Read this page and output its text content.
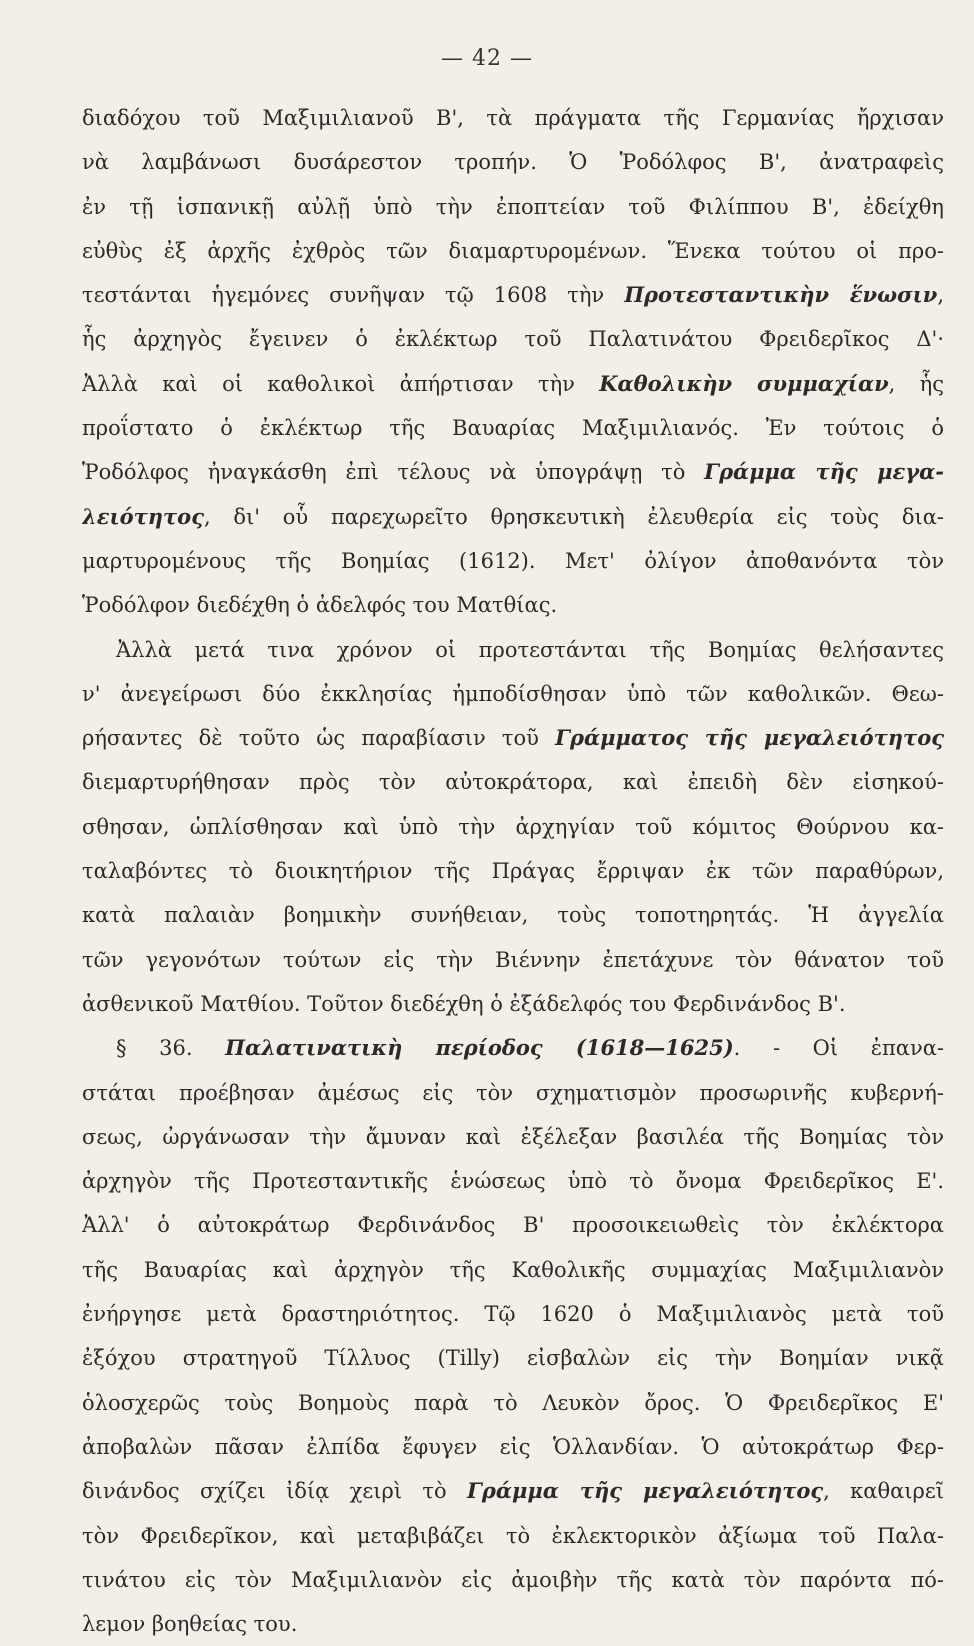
— 42 —
διαδόχου τοῦ Μαξιμιλιανοῦ Β', τὰ πράγματα τῆς Γερμανίας ἤρχισαν
νὰ λαμβάνωσι δυσάρεστον τροπήν. Ὁ Ῥοδόλφος Β', ἀνατραφεὶς
ἐν τῇ ἱσπανικῇ αὐλῇ ὑπὸ τὴν ἐποπτείαν τοῦ Φιλίππου Β', ἐδείχθη
εὐθὺς ἐξ ἀρχῆς ἐχθρὸς τῶν διαμαρτυρομένων. Ἕνεκα τούτου οἱ προ-
τεστάνται ἡγεμόνες συνῆψαν τῷ 1608 τὴν Προτεσταντικὴν ἕνωσιν,
ἧς ἀρχηγὸς ἔγεινεν ὁ ἐκλέκτωρ τοῦ Παλατινάτου Φρειδερῖκος Δ'·
Ἀλλὰ καὶ οἱ καθολικοὶ ἀπήρτισαν τὴν Καθολικὴν συμμαχίαν, ἧς
προΐστατο ὁ ἐκλέκτωρ τῆς Βαυαρίας Μαξιμιλιανός. Ἐν τούτοις ὁ
Ῥοδόλφος ἠναγκάσθη ἐπὶ τέλους νὰ ὑπογράψῃ τὸ Γράμμα τῆς μεγα-
λειότητος, δι' οὗ παρεχωρεῖτο θρησκευτικὴ ἐλευθερία εἰς τοὺς δια-
μαρτυρομένους τῆς Βοημίας (1612). Μετ' ὀλίγον ἀποθανόντα τὸν
Ῥοδόλφον διεδέχθη ὁ ἀδελφός του Ματθίας.
Ἀλλὰ μετά τινα χρόνον οἱ προτεστάνται τῆς Βοημίας θελήσαντες
ν' ἀνεγείρωσι δύο ἐκκλησίας ἠμποδίσθησαν ὑπὸ τῶν καθολικῶν. Θεω-
ρήσαντες δὲ τοῦτο ὡς παραβίασιν τοῦ Γράμματος τῆς μεγαλειότητος
διεμαρτυρήθησαν πρὸς τὸν αὐτοκράτορα, καὶ ἐπειδὴ δὲν εἰσηκού-
σθησαν, ὡπλίσθησαν καὶ ὑπὸ τὴν ἀρχηγίαν τοῦ κόμιτος Θούρνου κα-
ταλαβόντες τὸ διοικητήριον τῆς Πράγας ἔρριψαν ἐκ τῶν παραθύρων,
κατὰ παλαιὰν βοημικὴν συνήθειαν, τοὺς τοποτηρητάς. Ἡ ἀγγελία
τῶν γεγονότων τούτων εἰς τὴν Βιέννην ἐπετάχυνε τὸν θάνατον τοῦ
ἀσθενικοῦ Ματθίου. Τοῦτον διεδέχθη ὁ ἐξάδελφός του Φερδινάνδος Β'.
§ 36. Παλατινατικὴ περίοδος (1618—1625). - Οἱ ἐπανα-
στάται προέβησαν ἀμέσως εἰς τὸν σχηματισμὸν προσωρινῆς κυβερνή-
σεως, ὠργάνωσαν τὴν ἄμυναν καὶ ἐξέλεξαν βασιλέα τῆς Βοημίας τὸν
ἀρχηγὸν τῆς Προτεσταντικῆς ἑνώσεως ὑπὸ τὸ ὄνομα Φρειδερῖκος Ε'.
Ἀλλ' ὁ αὐτοκράτωρ Φερδινάνδος Β' προσοικειωθεὶς τὸν ἐκλέκτορα
τῆς Βαυαρίας καὶ ἀρχηγὸν τῆς Καθολικῆς συμμαχίας Μαξιμιλιανὸν
ἐνήργησε μετὰ δραστηριότητος. Τῷ 1620 ὁ Μαξιμιλιανὸς μετὰ τοῦ
ἐξόχου στρατηγοῦ Τίλλυος (Tilly) εἰσβαλὼν εἰς τὴν Βοημίαν νικᾷ
ὁλοσχερῶς τοὺς Βοημοὺς παρὰ τὸ Λευκὸν ὄρος. Ὁ Φρειδερῖκος Ε'
ἀποβαλὼν πᾶσαν ἐλπίδα ἔφυγεν εἰς Ὁλλανδίαν. Ὁ αὐτοκράτωρ Φερ-
δινάνδος σχίζει ἰδίᾳ χειρὶ τὸ Γράμμα τῆς μεγαλειότητος, καθαιρεῖ
τὸν Φρειδερῖκον, καὶ μεταβιβάζει τὸ ἐκλεκτορικὸν ἀξίωμα τοῦ Παλα-
τινάτου εἰς τὸν Μαξιμιλιανὸν εἰς ἀμοιβὴν τῆς κατὰ τὸν παρόντα πό-
λεμον βοηθείας του.
